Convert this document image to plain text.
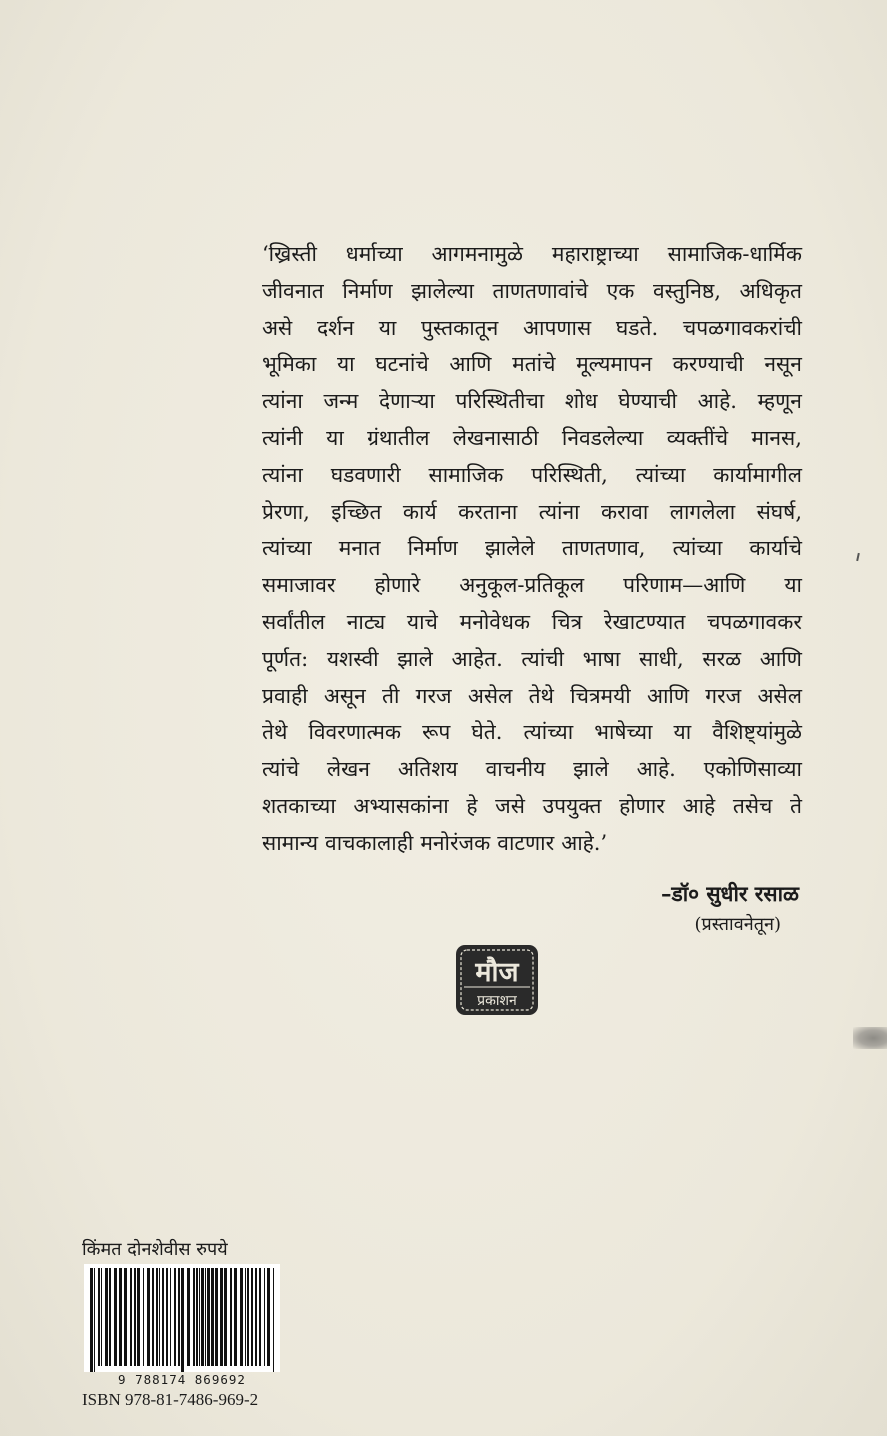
‘ख्रिस्ती धर्माच्या आगमनामुळे महाराष्ट्राच्या सामाजिक-धार्मिक
जीवनात निर्माण झालेल्या ताणतणावांचे एक वस्तुनिष्ठ, अधिकृत
असे दर्शन या पुस्तकातून आपणास घडते. चपळगावकरांची
भूमिका या घटनांचे आणि मतांचे मूल्यमापन करण्याची नसून
त्यांना जन्म देणाऱ्या परिस्थितीचा शोध घेण्याची आहे. म्हणून
त्यांनी या ग्रंथातील लेखनासाठी निवडलेल्या व्यक्तींचे मानस,
त्यांना घडवणारी सामाजिक परिस्थिती, त्यांच्या कार्यामागील
प्रेरणा, इच्छित कार्य करताना त्यांना करावा लागलेला संघर्ष,
त्यांच्या मनात निर्माण झालेले ताणतणाव, त्यांच्या कार्याचे
समाजावर होणारे अनुकूल-प्रतिकूल परिणाम—आणि या
सर्वांतील नाट्य याचे मनोवेधक चित्र रेखाटण्यात चपळगावकर
पूर्णत: यशस्वी झाले आहेत. त्यांची भाषा साधी, सरळ आणि
प्रवाही असून ती गरज असेल तेथे चित्रमयी आणि गरज असेल
तेथे विवरणात्मक रूप घेते. त्यांच्या भाषेच्या या वैशिष्ट्यांमुळे
त्यांचे लेखन अतिशय वाचनीय झाले आहे. एकोणिसाव्या
शतकाच्या अभ्यासकांना हे जसे उपयुक्त होणार आहे तसेच ते
सामान्य वाचकालाही मनोरंजक वाटणार आहे.’
–डॉ० सुधीर रसाळ
(प्रस्तावनेतून)
मौज
प्रकाशन
किंमत दोनशेवीस रुपये
9 788174 869692
ISBN 978-81-7486-969-2
